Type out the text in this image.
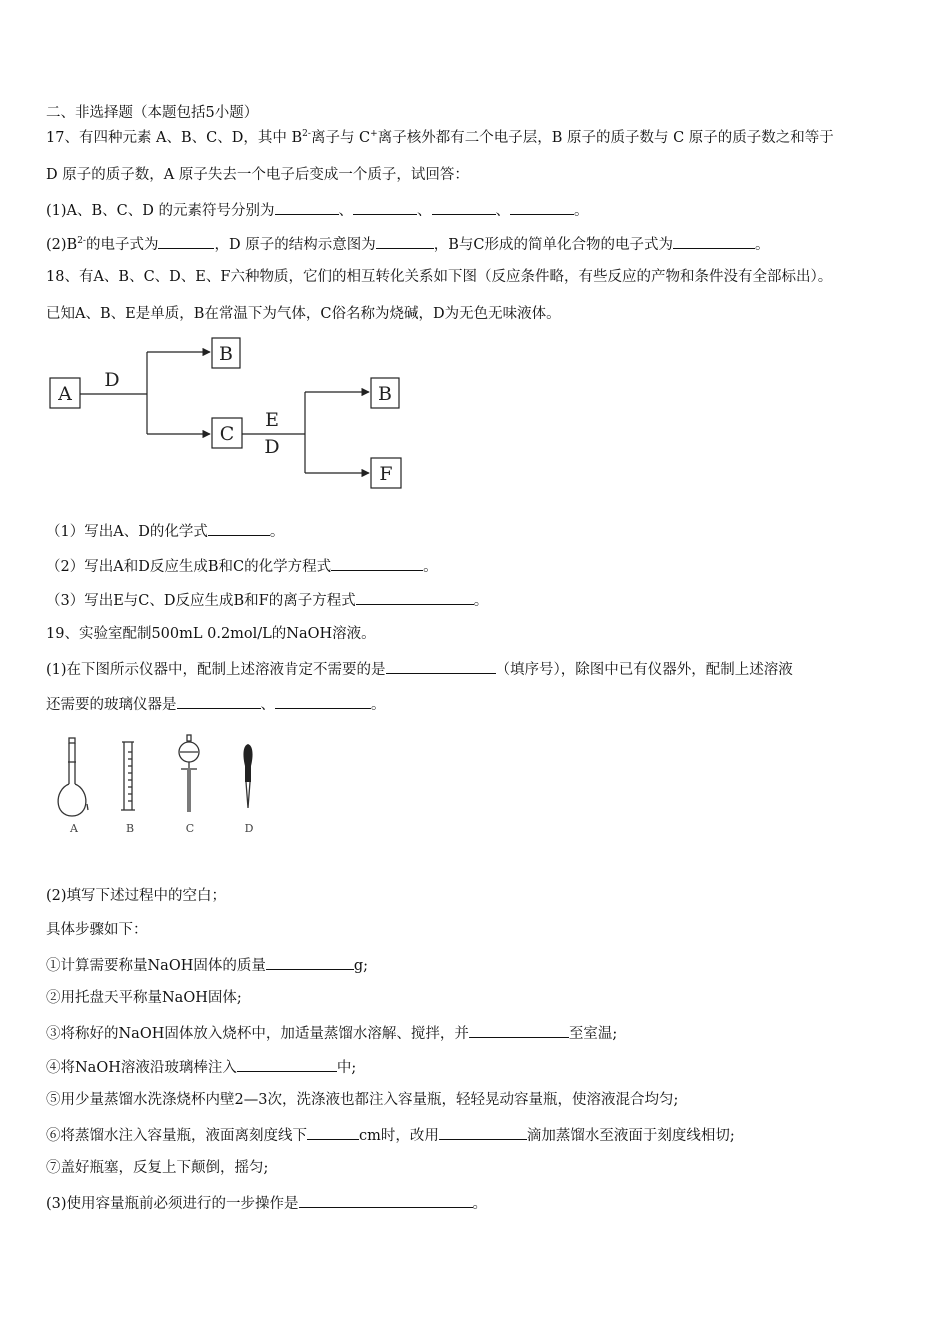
二、非选择题（本题包括5小题）
17、有四种元素 A、B、C、D，其中 $B^{2-}$离子与 C+离子核外都有二个电子层，B 原子的质子数与 C 原子的质子数之和等于
D 原子的质子数，A 原子失去一个电子后变成一个质子，试回答：
(1)A、B、C、D 的元素符号分别为	、	、	、	。
$(2)B^{2-}$的电子式为	，D 原子的结构示意图为	，B与C形成的简单化合物的电子式为	。
18、有A、B、C、D、E、F六种物质，它们的相互转化关系如下图（反应条件略，有些反应的产物和条件没有全部标出）。
已知A、B、E是单质，B在常温下为气体，C俗名称为烧碱，D为无色无味液体。
A
D
B
C
E
D
B
F
（1）写出A、D的化学式	。
（2）写出A和D反应生成B和C的化学方程式	。
（3）写出E与C、D反应生成B和F的离子方程式	。
19、实验室配制500mL 0.2mol/L的NaOH溶液。
(1)在下图所示仪器中，配制上述溶液肯定不需要的是	（填序号），除图中已有仪器外，配制上述溶液
还需要的玻璃仪器是	、	。
A	B	C	D
(2)填写下述过程中的空白；
具体步骤如下：
①计算需要称量NaOH固体的质量	g;
②用托盘天平称量NaOH固体;
③将称好的NaOH固体放入烧杯中，加适量蒸馏水溶解、搅拌，并	至室温;
④将NaOH溶液沿玻璃棒注入	中;
⑤用少量蒸馏水洗涤烧杯内壁2—3次，洗涤液也都注入容量瓶，轻轻晃动容量瓶，使溶液混合均匀;
⑥将蒸馏水注入容量瓶，液面离刻度线下	cm时，改用	滴加蒸馏水至液面于刻度线相切;
⑦盖好瓶塞，反复上下颠倒，摇匀;
(3)使用容量瓶前必须进行的一步操作是	。
